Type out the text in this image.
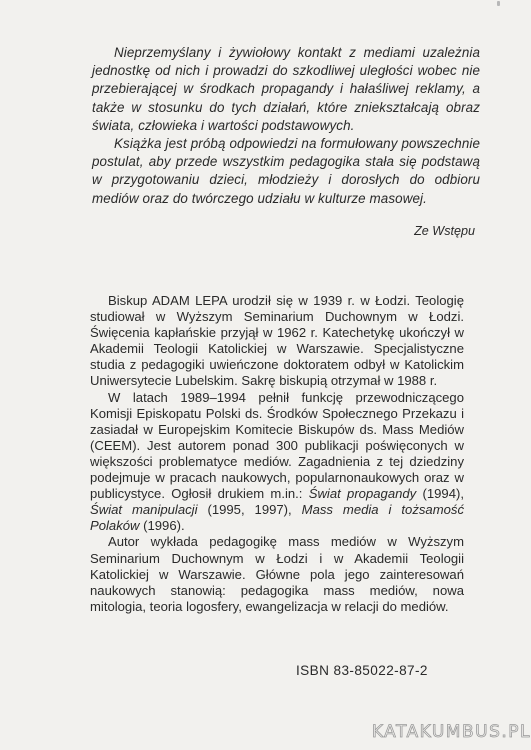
Nieprzemyślany i żywiołowy kontakt z mediami uzależnia jednostkę od nich i prowadzi do szkodliwej uległości wobec nie przebierającej w środkach propagandy i hałaśliwej reklamy, a także w stosunku do tych działań, które zniekształcają obraz świata, człowieka i wartości podstawowych.

Książka jest próbą odpowiedzi na formułowany powszechnie postulat, aby przede wszystkim pedagogika stała się podstawą w przygotowaniu dzieci, młodzieży i dorosłych do odbioru mediów oraz do twórczego udziału w kulturze masowej.

Ze Wstępu

Biskup ADAM LEPA urodził się w 1939 r. w Łodzi. Teologię studiował w Wyższym Seminarium Duchownym w Łodzi. Święcenia kapłańskie przyjął w 1962 r. Katechetykę ukończył w Akademii Teologii Katolickiej w Warszawie. Specjalistyczne studia z pedagogiki uwieńczone doktoratem odbył w Katolickim Uniwersytecie Lubelskim. Sakrę biskupią otrzymał w 1988 r.

W latach 1989–1994 pełnił funkcję przewodniczącego Komisji Episkopatu Polski ds. Środków Społecznego Przekazu i zasiadał w Europejskim Komitecie Biskupów ds. Mass Mediów (CEEM). Jest autorem ponad 300 publikacji poświęconych w większości problematyce mediów. Zagadnienia z tej dziedziny podejmuje w pracach naukowych, popularnonaukowych oraz w publicystyce. Ogłosił drukiem m.in.: Świat propagandy (1994), Świat manipulacji (1995, 1997), Mass media i tożsamość Polaków (1996).

Autor wykłada pedagogikę mass mediów w Wyższym Seminarium Duchownym w Łodzi i w Akademii Teologii Katolickiej w Warszawie. Główne pola jego zainteresowań naukowych stanowią: pedagogika mass mediów, nowa mitologia, teoria logosfery, ewangelizacja w relacji do mediów.

ISBN 83-85022-87-2
KATAKUMBUS.PL
